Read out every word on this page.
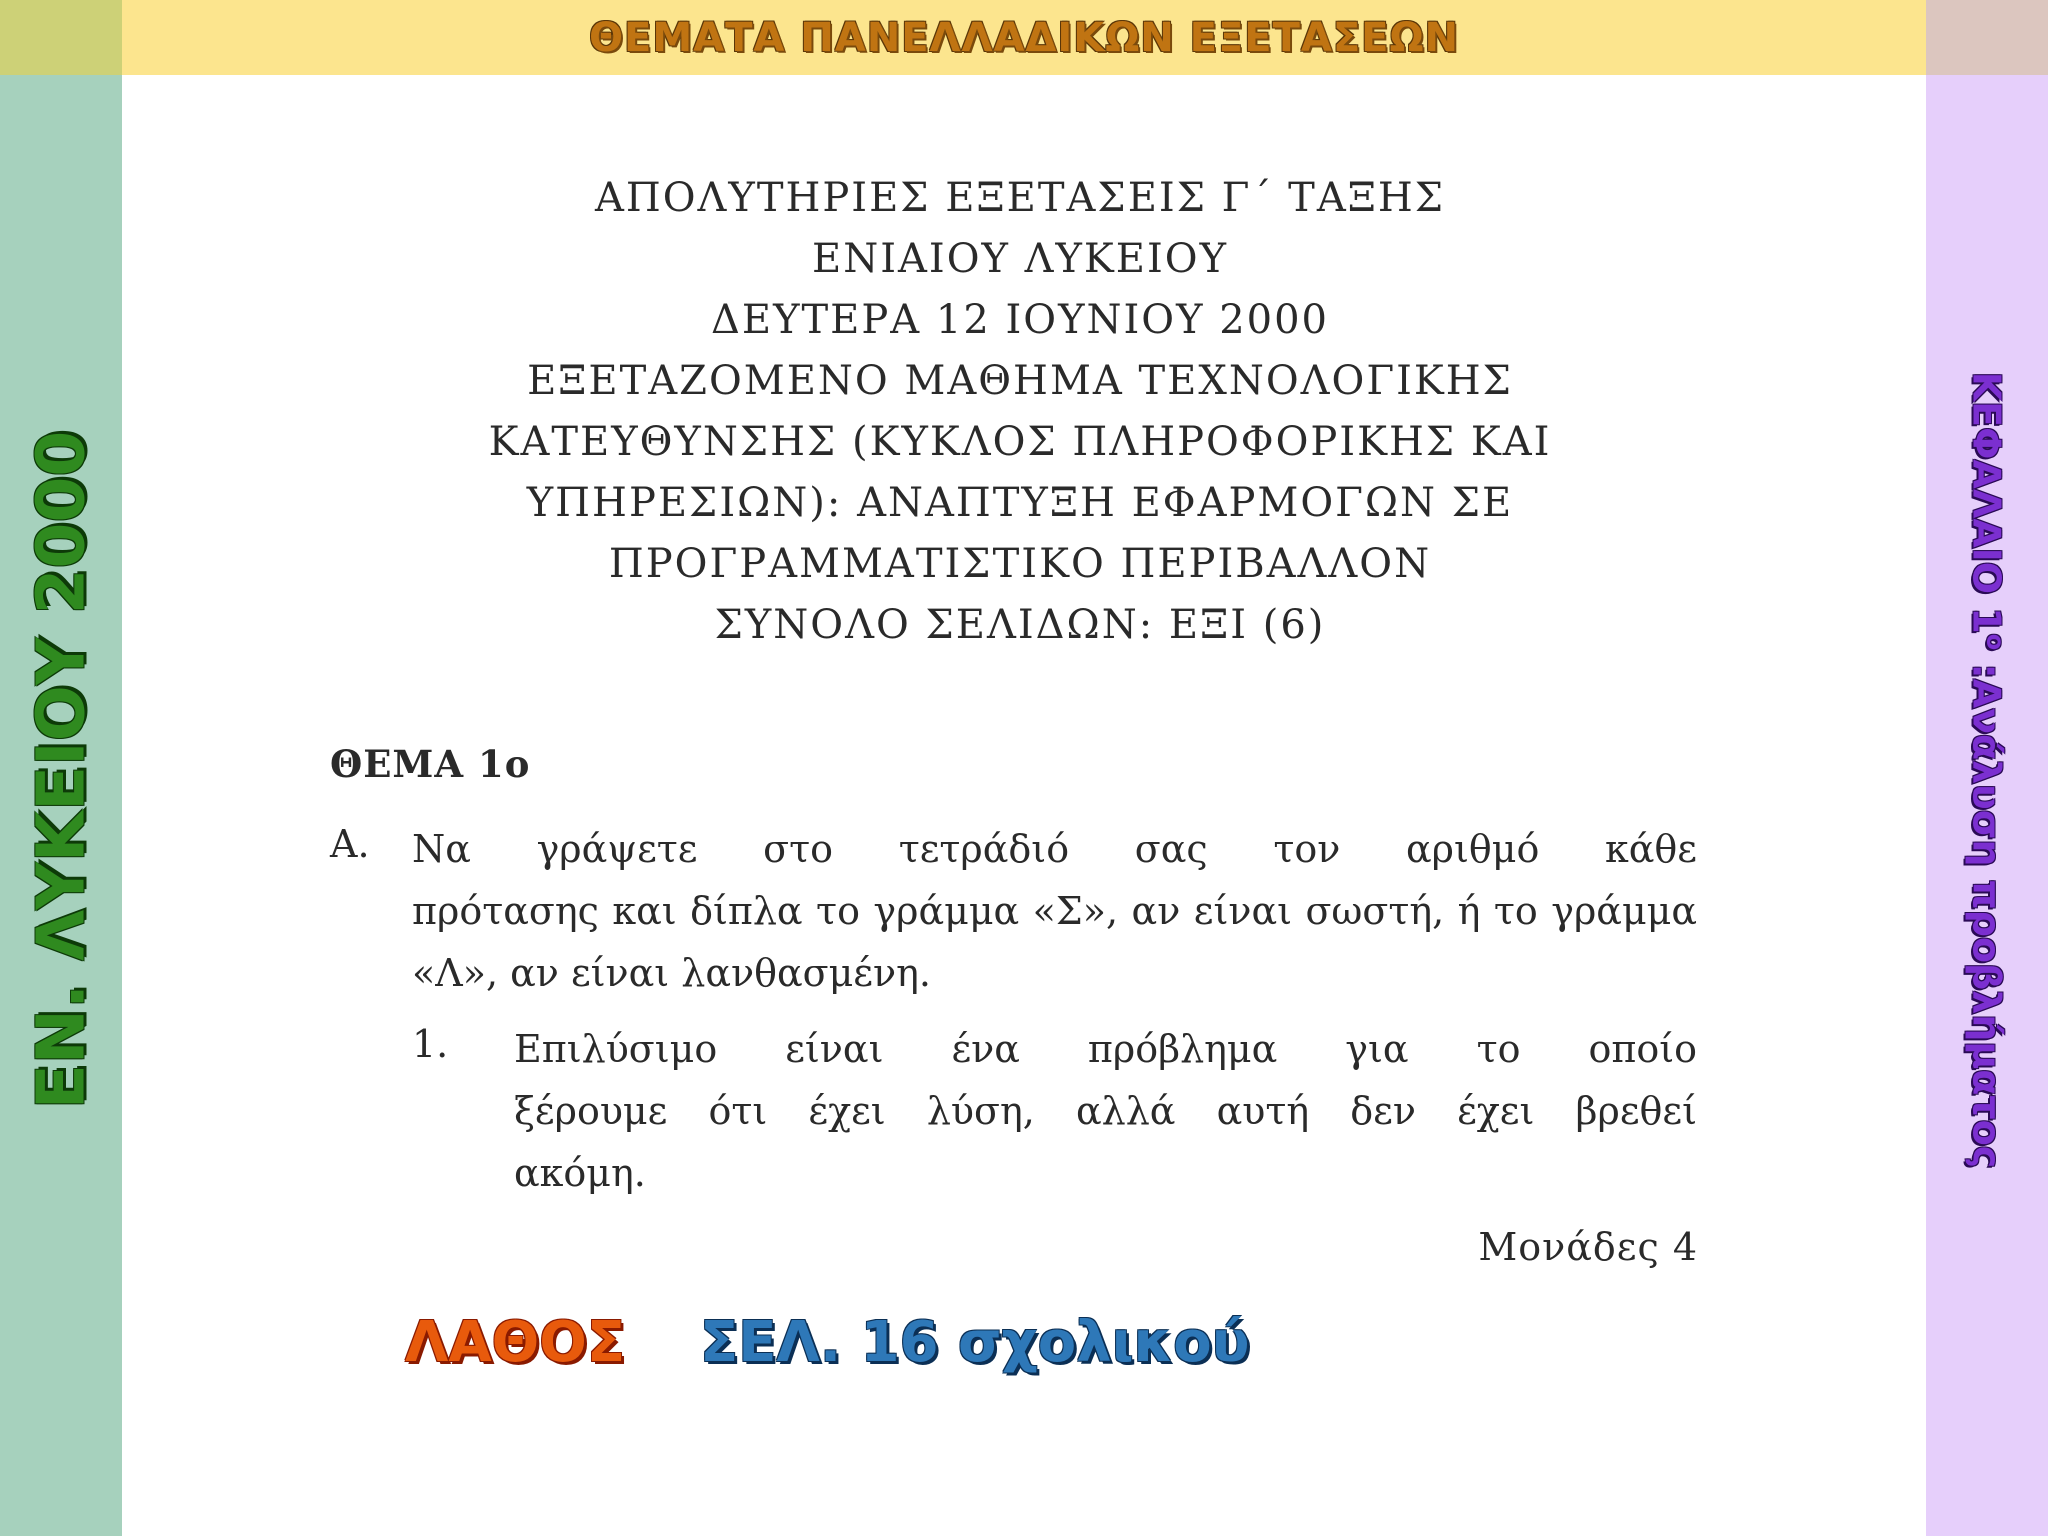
ΘΕΜΑΤΑ ΠΑΝΕΛΛΑΔΙΚΩΝ ΕΞΕΤΑΣΕΩΝ
ΕΝ. ΛΥΚΕΙΟΥ 2000	ΚΕΦΑΛΑΙΟ $1^o$ :Ανάλυση προβλήματος
ΑΠΟΛΥΤΗΡΙΕΣ ΕΞΕΤΑΣΕΙΣ Γ΄ ΤΑΞΗΣ
ΕΝΙΑΙΟΥ ΛΥΚΕΙΟΥ
ΔΕΥΤΕΡΑ 12 ΙΟΥΝΙΟΥ 2000
ΕΞΕΤΑΖΟΜΕΝΟ ΜΑΘΗΜΑ ΤΕΧΝΟΛΟΓΙΚΗΣ
ΚΑΤΕΥΘΥΝΣΗΣ (ΚΥΚΛΟΣ ΠΛΗΡΟΦΟΡΙΚΗΣ ΚΑΙ
ΥΠΗΡΕΣΙΩΝ): ΑΝΑΠΤΥΞΗ ΕΦΑΡΜΟΓΩΝ ΣΕ
ΠΡΟΓΡΑΜΜΑΤΙΣΤΙΚΟ ΠΕΡΙΒΑΛΛΟΝ
ΣΥΝΟΛΟ ΣΕΛΙΔΩΝ: ΕΞΙ (6)
ΘΕΜΑ 1ο
Α. Να γράψετε στο τετράδιό σας τον αριθμό κάθε
πρότασης και δίπλα το γράμμα «Σ», αν είναι σωστή, ή το γράμμα «Λ», αν είναι λανθασμένη.
1. Επιλύσιμο είναι ένα πρόβλημα για το οποίο
ξέρουμε ότι έχει λύση, αλλά αυτή δεν έχει βρεθεί
ακόμη.
Μονάδες 4
ΛΑΘΟΣ ΣΕΛ. 16 σχολικού
